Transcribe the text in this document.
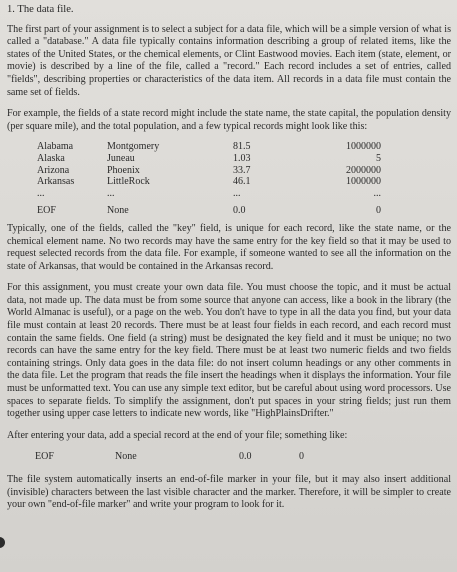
1. The data file.

The first part of your assignment is to select a subject for a data file, which will be a simple version of what is called a "database." A data file typically contains information describing a group of related items, like the states of the United States, or the chemical elements, or Clint Eastwood movies. Each item (state, element, or movie) is described by a line of the file, called a "record." Each record includes a set of entries, called "fields", describing properties or characteristics of the data item. All records in a data file must contain the same set of fields.

For example, the fields of a state record might include the state name, the state capital, the population density (per square mile), and the total population, and a few typical records might look like this:

Alabama	Montgomery	81.5	1000000
Alaska	Juneau	1.03	5
Arizona	Phoenix	33.7	2000000
Arkansas	LittleRock	46.1	1000000
...	...	...	...

EOF	None	0.0	0

Typically, one of the fields, called the "key" field, is unique for each record, like the state name, or the chemical element name. No two records may have the same entry for the key field so that it may be used to request selected records from the data file. For example, if someone wanted to see all the information on the state of Arkansas, that would be contained in the Arkansas record.

For this assignment, you must create your own data file. You must choose the topic, and it must be actual data, not made up. The data must be from some source that anyone can access, like a book in the library (the World Almanac is useful), or a page on the web. You don't have to type in all the data you find, but your data file must contain at least 20 records. There must be at least four fields in each record, and each record must contain the same fields. One field (a string) must be designated the key field and it must be unique; no two records can have the same entry for the key field. There must be at least two numeric fields and two fields containing strings. Only data goes in the data file: do not insert column headings or any other comments in the data file. Let the program that reads the file insert the headings when it displays the information. Your file must be unformatted text. You can use any simple text editor, but be careful about using word processors. Use spaces to separate fields. To simplify the assignment, don't put spaces in your string fields; just run them together using upper case letters to indicate new words, like "HighPlainsDrifter."

After entering your data, add a special record at the end of your file; something like:

EOF	None	0.0	0

The file system automatically inserts an end-of-file marker in your file, but it may also insert additional (invisible) characters between the last visible character and the marker. Therefore, it will be simpler to create your own "end-of-file marker" and write your program to look for it.
